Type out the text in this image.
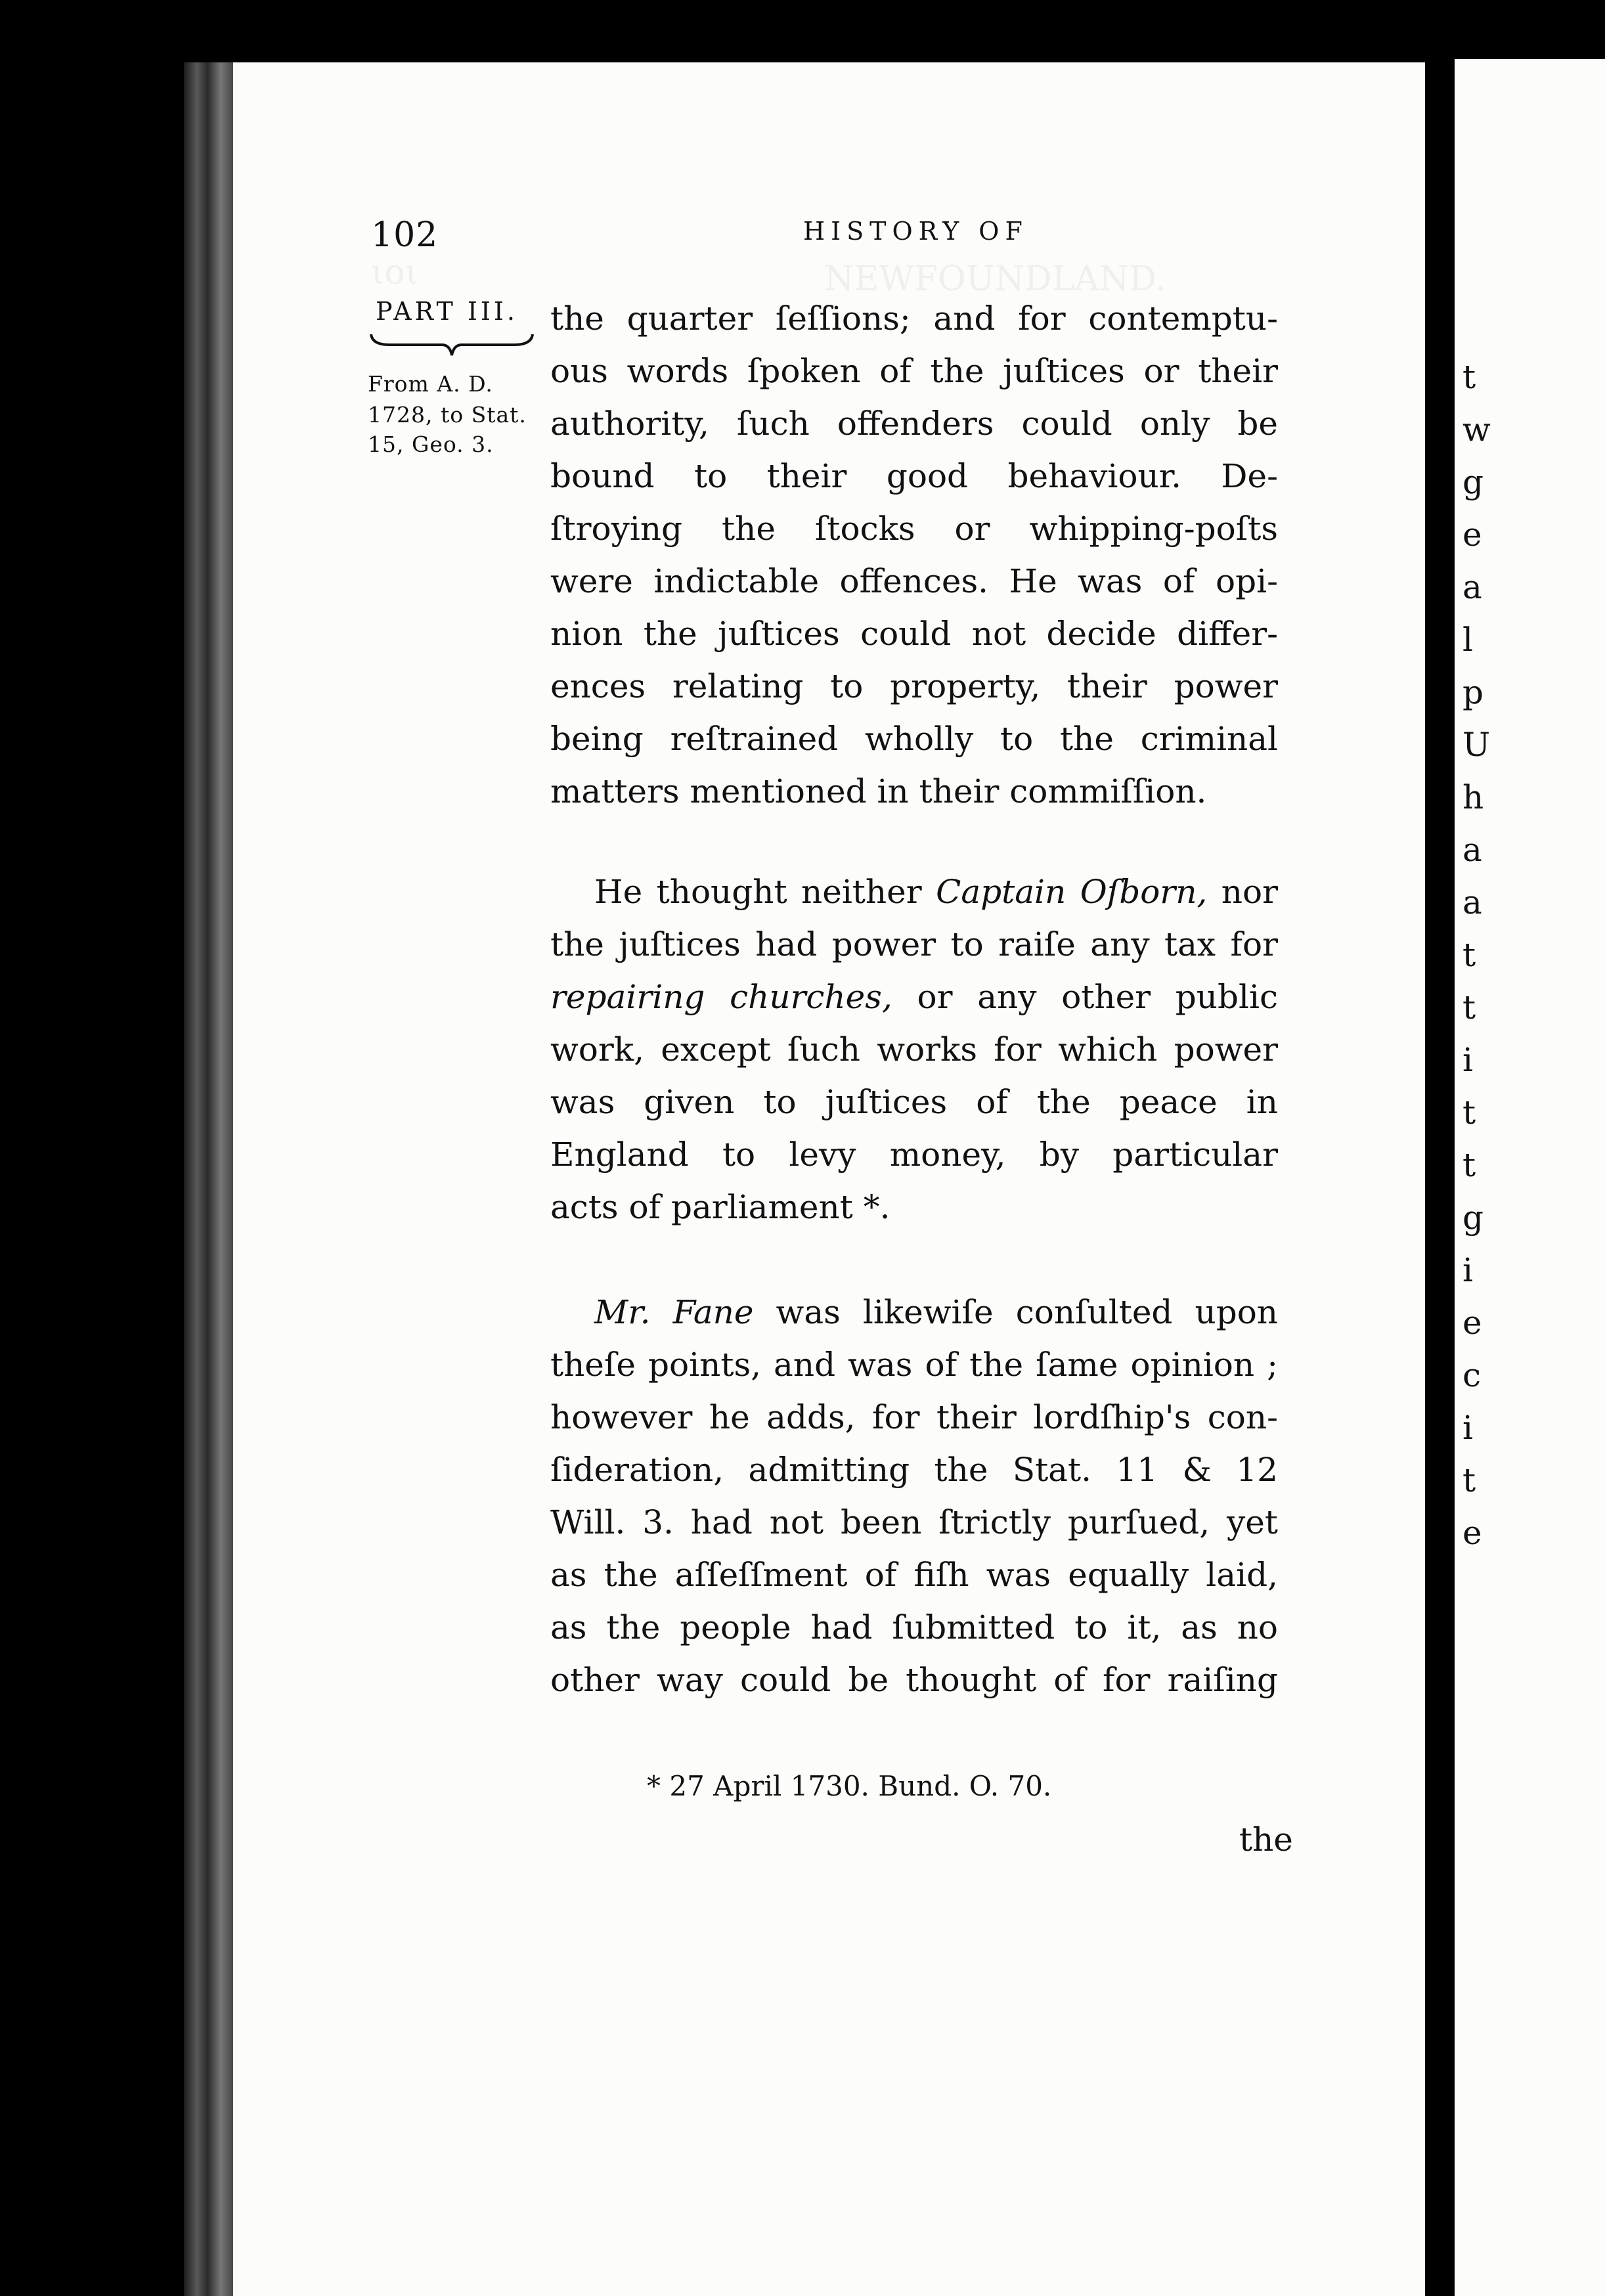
ιοι	NEWFOUNDLAND.
t
w
g
e
a
l
p
U
h
a
a
t
t
i
t
t
g
i
e
c
i
t
e
102	HISTORY OF
PART III.
From A. D.
1728, to Stat.
15, Geo. 3.
the quarter ſeſſions; and for contemptu-
ous words ſpoken of the juſtices or their
authority, ſuch offenders could only be
bound to their good behaviour. De-
ſtroying the ſtocks or whipping-poſts
were indictable offences. He was of opi-
nion the juſtices could not decide differ-
ences relating to property, their power
being reſtrained wholly to the criminal
matters mentioned in their commiſſion.
He thought neither Captain Oſborn, nor
the juſtices had power to raiſe any tax for
repairing churches, or any other public
work, except ſuch works for which power
was given to juſtices of the peace in
England to levy money, by particular
acts of parliament *.
Mr. Fane was likewiſe conſulted upon
theſe points, and was of the ſame opinion ;
however he adds, for their lordſhip's con-
ſideration, admitting the Stat. 11 & 12
Will. 3. had not been ſtrictly purſued, yet
as the aſſeſſment of fiſh was equally laid,
as the people had ſubmitted to it, as no
other way could be thought of for raiſing
* 27 April 1730. Bund. O. 70.
the
